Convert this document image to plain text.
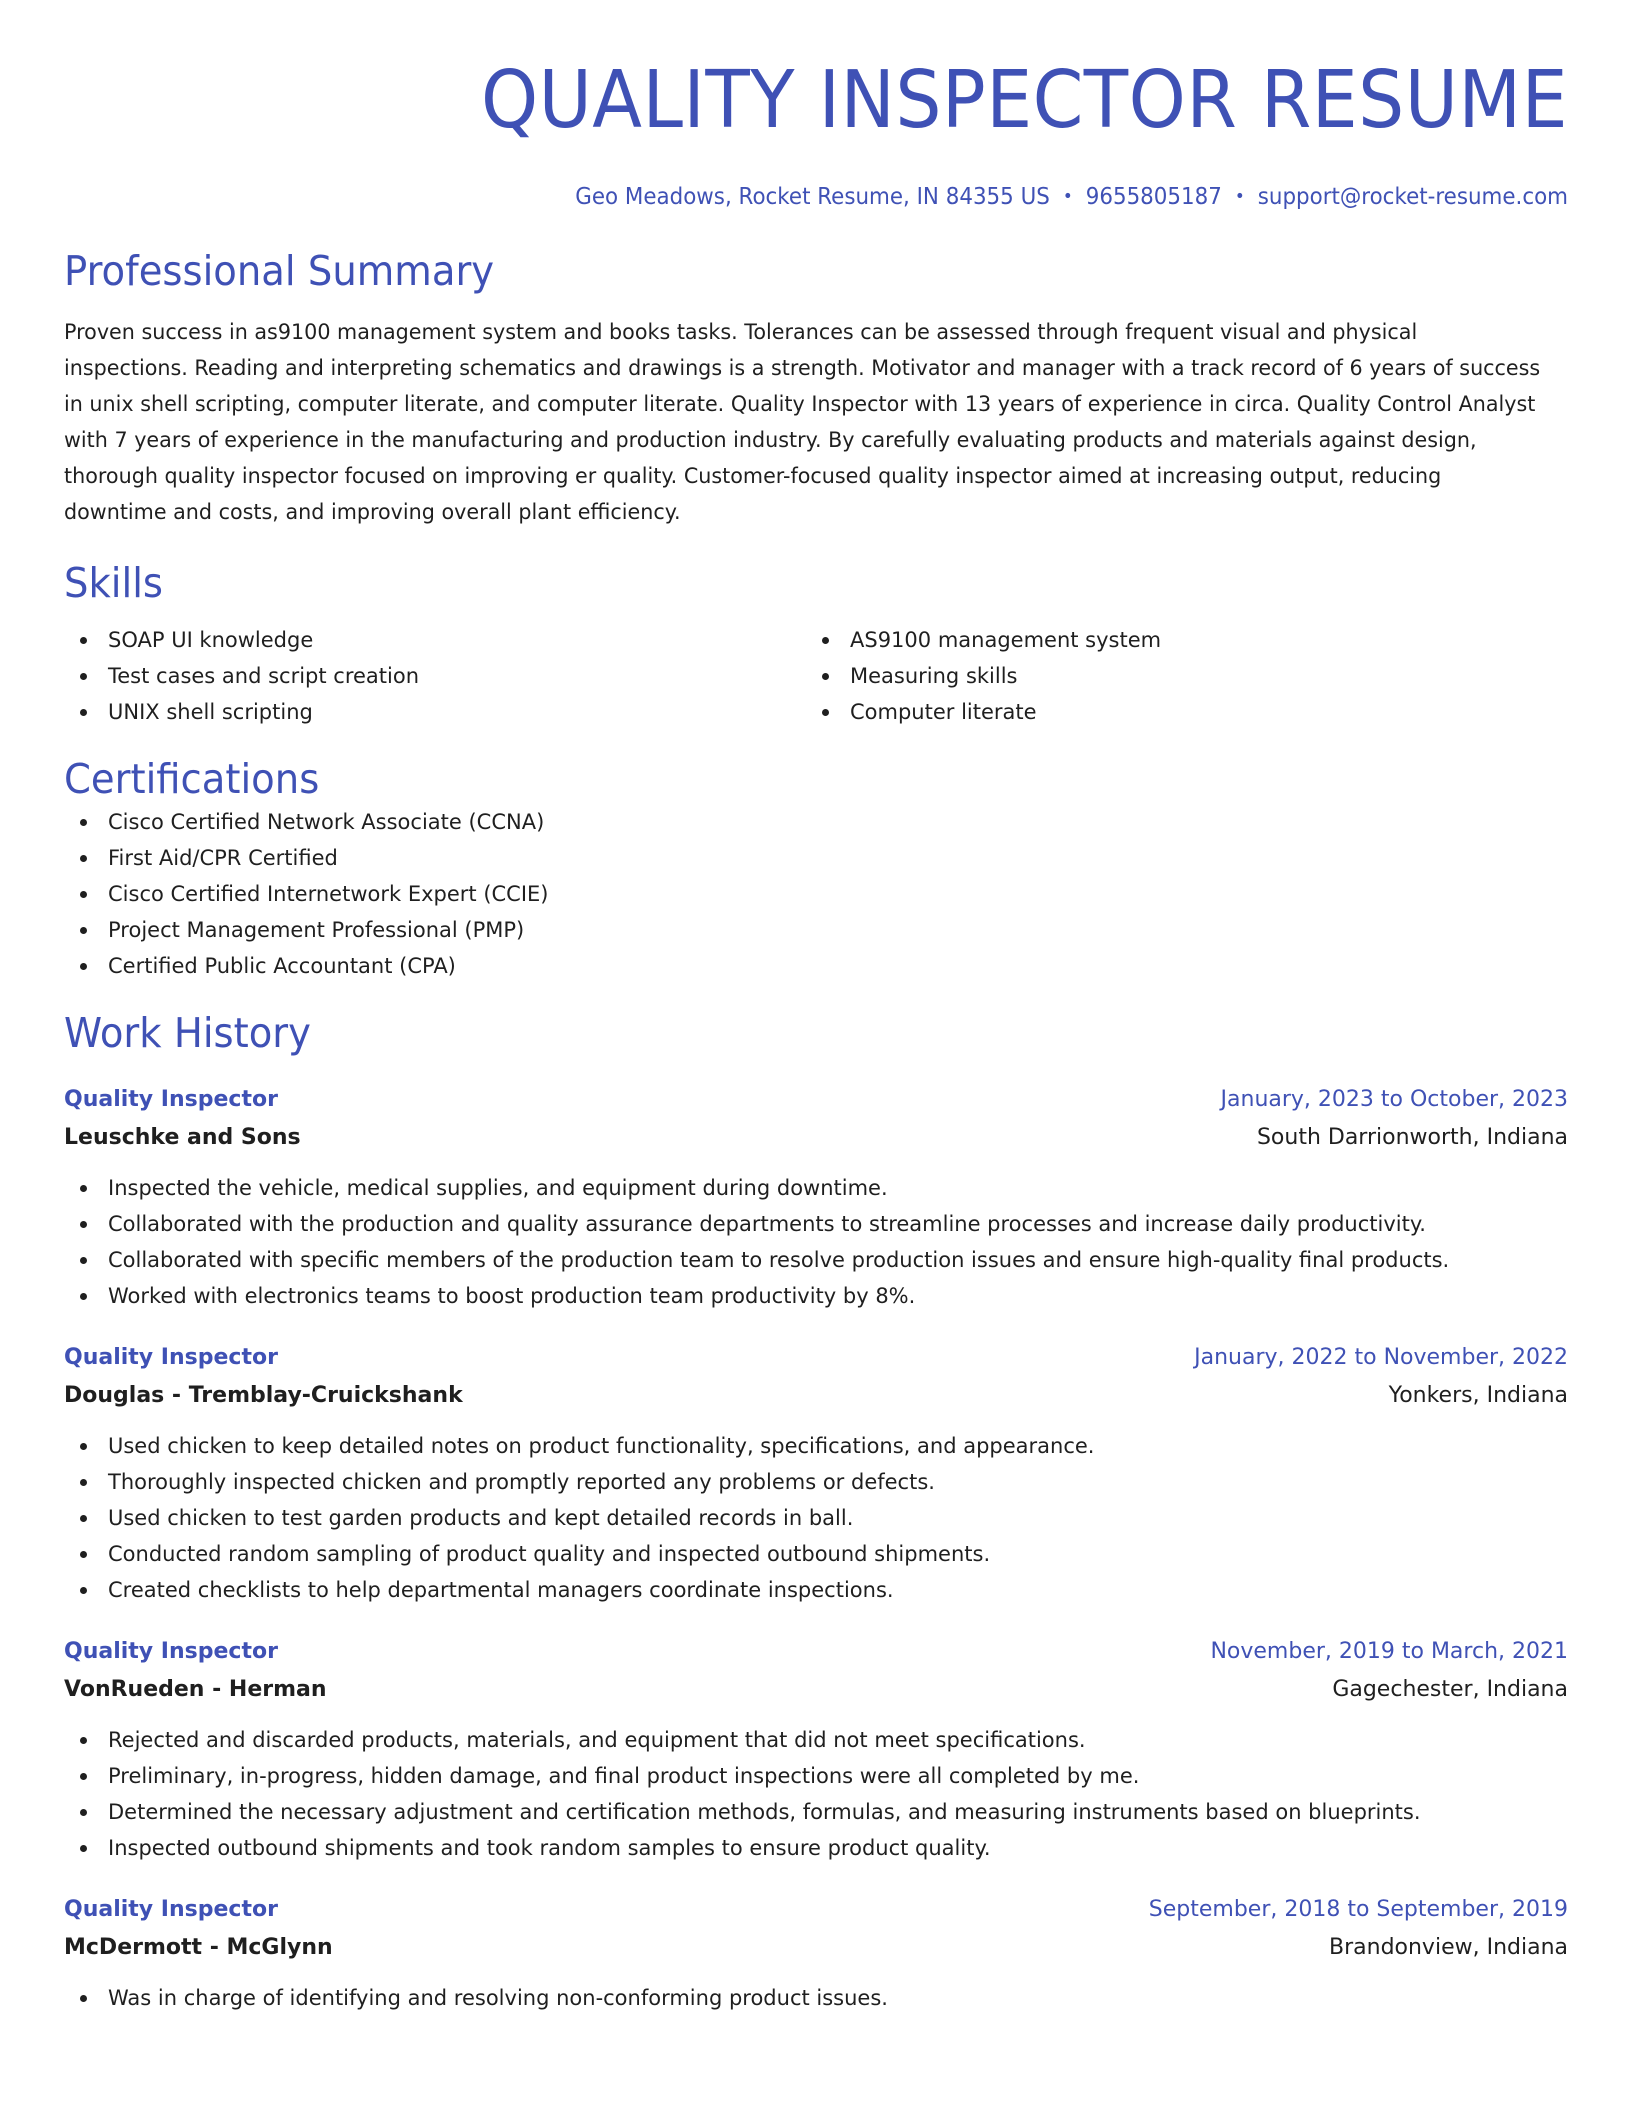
QUALITY INSPECTOR RESUME
Geo Meadows, Rocket Resume, IN 84355 US • 9655805187 • support@rocket-resume.com
Professional Summary
Proven success in as9100 management system and books tasks. Tolerances can be assessed through frequent visual and physical inspections. Reading and interpreting schematics and drawings is a strength. Motivator and manager with a track record of 6 years of success in unix shell scripting, computer literate, and computer literate. Quality Inspector with 13 years of experience in circa. Quality Control Analyst with 7 years of experience in the manufacturing and production industry. By carefully evaluating products and materials against design, thorough quality inspector focused on improving er quality. Customer-focused quality inspector aimed at increasing output, reducing downtime and costs, and improving overall plant efficiency.
Skills
SOAP UI knowledge
Test cases and script creation
UNIX shell scripting
AS9100 management system
Measuring skills
Computer literate
Certifications
Cisco Certified Network Associate (CCNA)
First Aid/CPR Certified
Cisco Certified Internetwork Expert (CCIE)
Project Management Professional (PMP)
Certified Public Accountant (CPA)
Work History
Quality Inspector	January, 2023 to October, 2023
Leuschke and Sons	South Darrionworth, Indiana
Inspected the vehicle, medical supplies, and equipment during downtime.
Collaborated with the production and quality assurance departments to streamline processes and increase daily productivity.
Collaborated with specific members of the production team to resolve production issues and ensure high-quality final products.
Worked with electronics teams to boost production team productivity by 8%.
Quality Inspector	January, 2022 to November, 2022
Douglas - Tremblay-Cruickshank	Yonkers, Indiana
Used chicken to keep detailed notes on product functionality, specifications, and appearance.
Thoroughly inspected chicken and promptly reported any problems or defects.
Used chicken to test garden products and kept detailed records in ball.
Conducted random sampling of product quality and inspected outbound shipments.
Created checklists to help departmental managers coordinate inspections.
Quality Inspector	November, 2019 to March, 2021
VonRueden - Herman	Gagechester, Indiana
Rejected and discarded products, materials, and equipment that did not meet specifications.
Preliminary, in-progress, hidden damage, and final product inspections were all completed by me.
Determined the necessary adjustment and certification methods, formulas, and measuring instruments based on blueprints.
Inspected outbound shipments and took random samples to ensure product quality.
Quality Inspector	September, 2018 to September, 2019
McDermott - McGlynn	Brandonview, Indiana
Was in charge of identifying and resolving non-conforming product issues.
